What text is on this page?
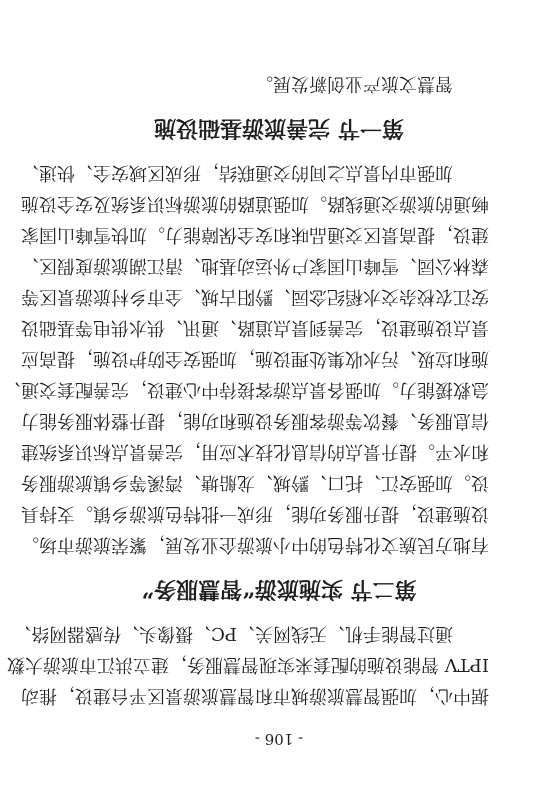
- 106 -
据中心，加强智慧旅游城市和智慧旅游景区平台建设，推动
IPTV 智能设施的配套来实现智慧服务，建立洪江市旅游大数
通过智能手机、无线网关、PC、摄像头、传感器网络、
第二节 实施旅游“智慧服务”
有地方民族文化特色的中小旅游企业发展，繁荣旅游市场。
设施建设，提升服务功能，形成一批特色旅游乡镇。支持具
设。加强安江、托口、黔城、龙船塘、湾溪等乡镇旅游服务
和水平。提升景点的信息化技术应用，完善景点标识系统建
信息服务、餐饮等游客服务设施和功能，提升整体服务能力
急救援能力。加强各景点游客接待中心建设，完善配套交通、
施和垃圾、污水收集处理设施，加强安全防护设施，提高应
景点设施建设，完善到景点道路、通讯、供水供电等基础设
安江农校杂交水稻纪念园、黔阳古城、全市乡村旅游景区等
森林公园、雪峰山国家户外运动基地、清江湖旅游度假区、
建设，提高景区交通品味和安全保障能力。加快雪峰山国家
畅通的旅游交通线路。加强道路的旅游标识系统及安全设施
加强市内景点之间的交通联结，形成区域安全、快速、
第一节 完善旅游基础设施
智慧文旅产业创新发展。
